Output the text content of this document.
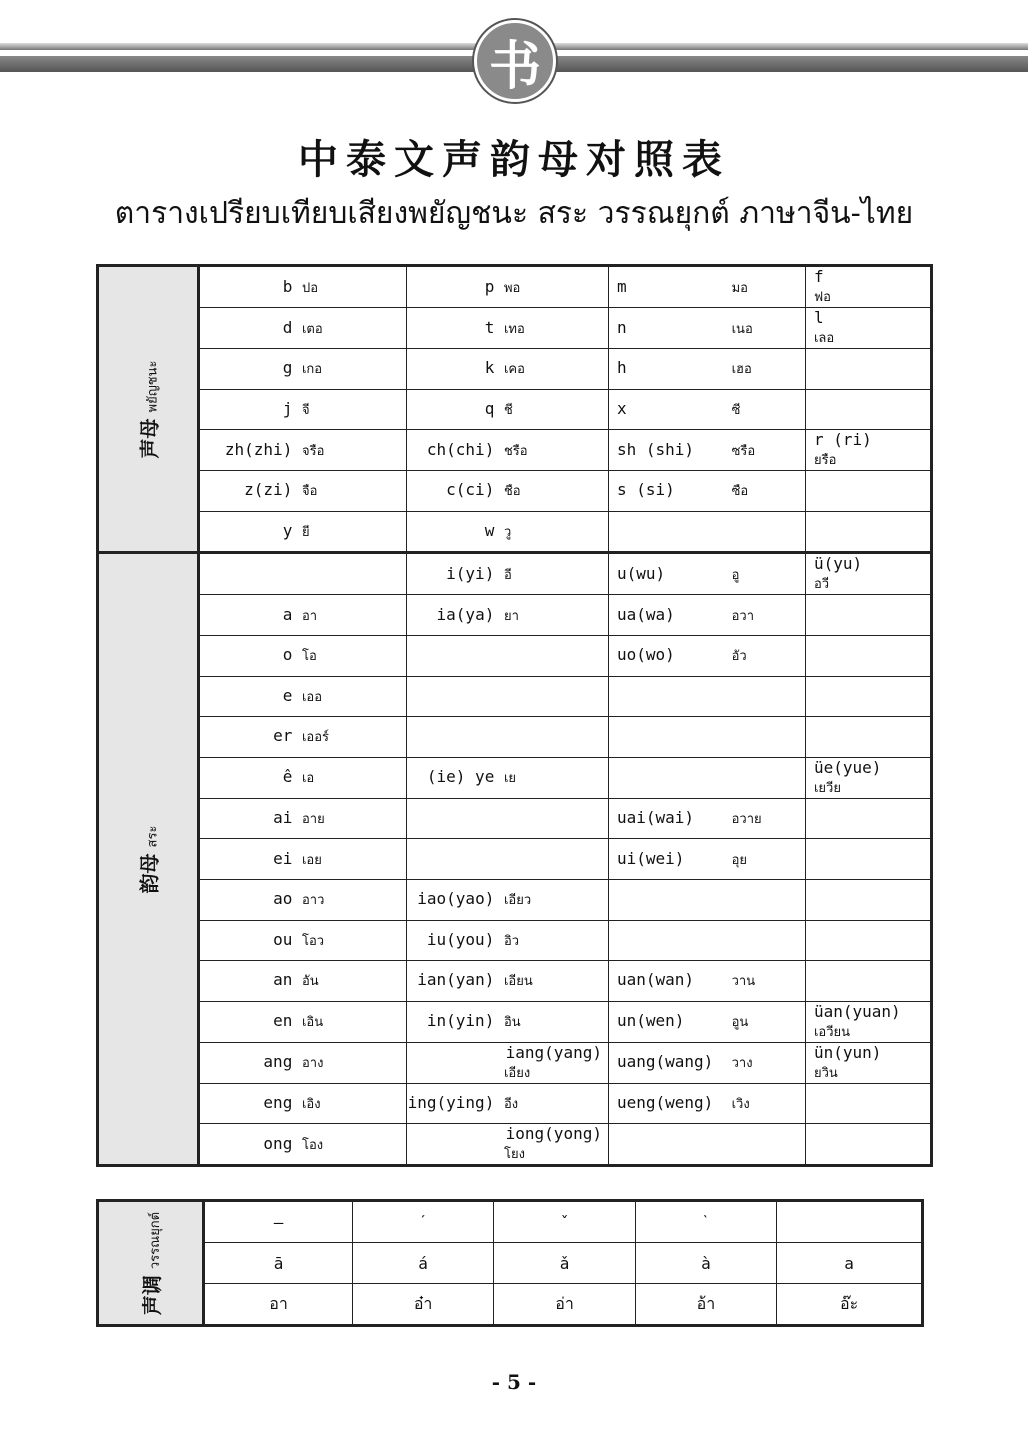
书
中泰文声韵母对照表
ตารางเปรียบเทียบเสียงพยัญชนะ สระ วรรณยุกต์ ภาษาจีน-ไทย
声母พยัญชนะ	b ปอ	p พอ	m มอ	f ฟอ
	d เตอ	t เทอ	n เนอ	l เลอ
	g เกอ	k เคอ	h เฮอ	
	j จี	q ชี	x ซี	
	zh(zhi) จรือ	ch(chi) ชรือ	sh (shi) ซรือ	r (ri) ยรือ
	z(zi) จือ	c(ci) ชือ	s (si) ซือ	
	y ยี	w วู		
韵母สระ		i(yi) อี	u(wu) อู	ü(yu) อวี
	a อา	ia(ya) ยา	ua(wa) อวา	
	o โอ		uo(wo) อัว	
	e เออ			
	er เออร์			
	ê เอ	(ie) ye เย		üe(yue) เยวีย
	ai อาย		uai(wai) อวาย	
	ei เอย		ui(wei) อุย	
	ao อาว	iao(yao) เอียว		
	ou โอว	iu(you) อิว		
	an อัน	ian(yan) เอียน	uan(wan) วาน	
	en เอิน	in(yin) อิน	un(wen) อูน	üan(yuan) เอวียน
	ang อาง	iang(yang) เอียง	uang(wang) วาง	ün(yun) ยวิน
	eng เอิง	ing(ying) อีง	ueng(weng) เวิง	
	ong โอง	iong(yong) โยง		
声调วรรณยุกต์	—	ˊ	ˇ	ˋ	
	ā	á	ǎ	à	a
	อา	อ๋า	อ่า	อ้า	อ๊ะ
- 5 -
